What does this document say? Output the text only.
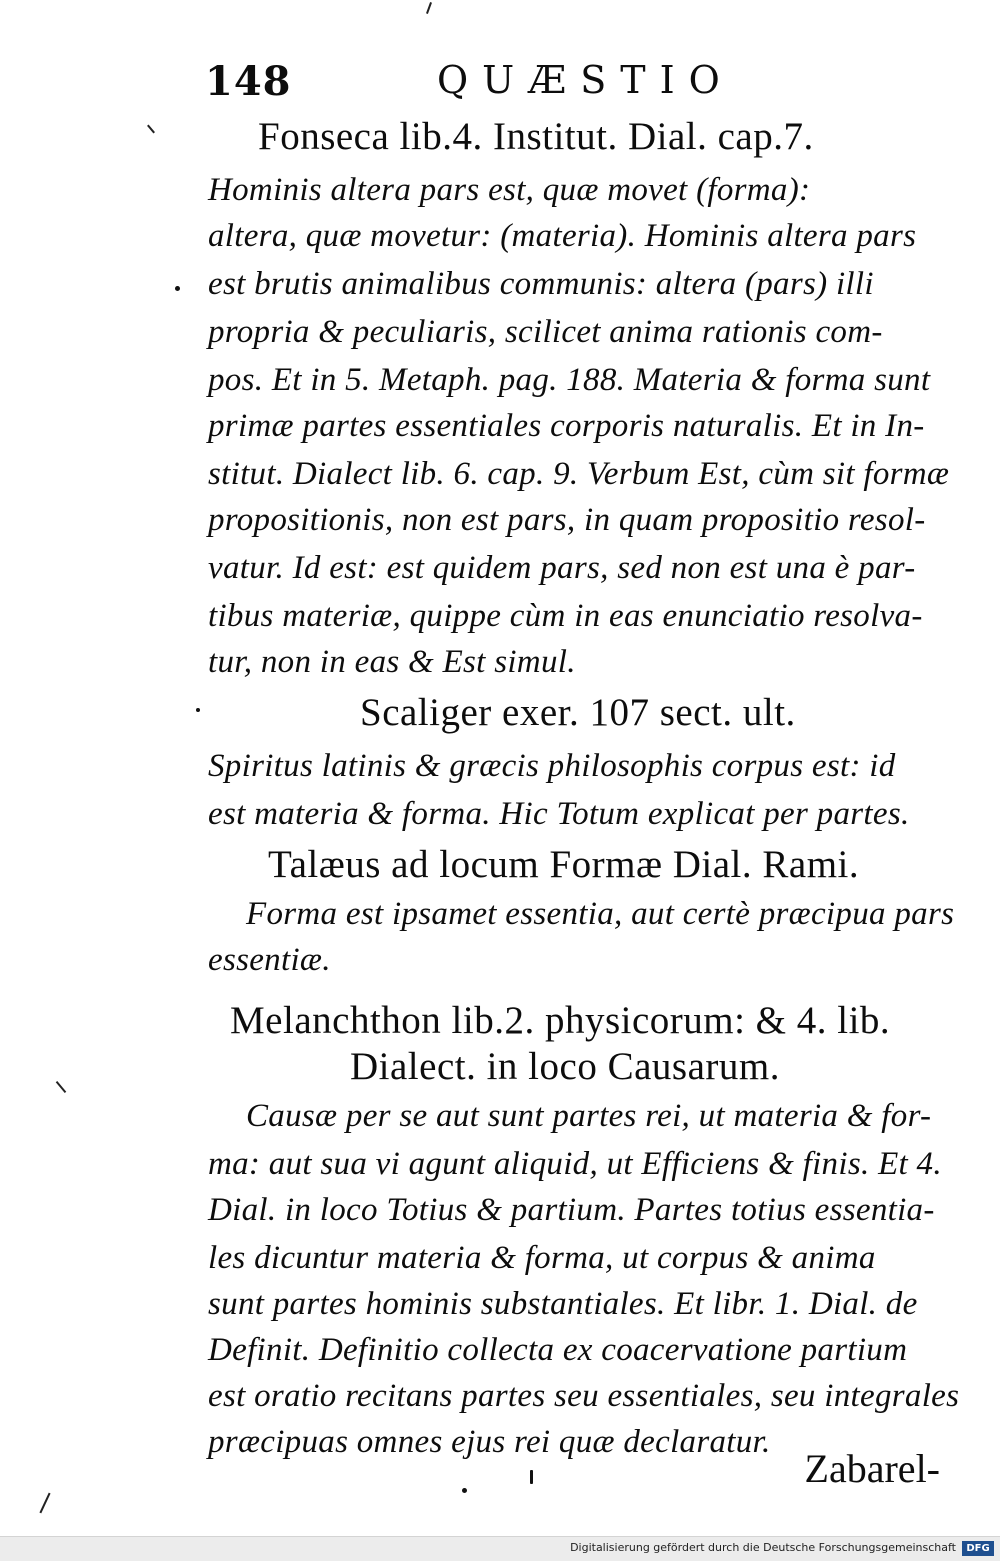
148	QUÆSTIO
Fonseca lib.4. Institut. Dial. cap.7.
Hominis altera pars est, quæ movet (forma):
altera, quæ movetur: (materia). Hominis altera pars
est brutis animalibus communis: altera (pars) illi
propria & peculiaris, scilicet anima rationis com-
pos. Et in 5. Metaph. pag. 188. Materia & forma sunt
primæ partes essentiales corporis naturalis. Et in In-
stitut. Dialect lib. 6. cap. 9. Verbum Est, cùm sit formæ
propositionis, non est pars, in quam propositio resol-
vatur. Id est: est quidem pars, sed non est una è par-
tibus materiæ, quippe cùm in eas enunciatio resolva-
tur, non in eas & Est simul.
Scaliger exer. 107 sect. ult.
Spiritus latinis & græcis philosophis corpus est: id
est materia & forma. Hic Totum explicat per partes.
Talæus ad locum Formæ Dial. Rami.
Forma est ipsamet essentia, aut certè præcipua pars
essentiæ.
Melanchthon lib.2. physicorum: & 4. lib.
Dialect. in loco Causarum.
Causæ per se aut sunt partes rei, ut materia & for-
ma: aut sua vi agunt aliquid, ut Efficiens & finis. Et 4.
Dial. in loco Totius & partium. Partes totius essentia-
les dicuntur materia & forma, ut corpus & anima
sunt partes hominis substantiales. Et libr. 1. Dial. de
Definit. Definitio collecta ex coacervatione partium
est oratio recitans partes seu essentiales, seu integrales
præcipuas omnes ejus rei quæ declaratur.
Zabarel-
Digitalisierung gefördert durch die Deutsche Forschungsgemeinschaft	DFG
